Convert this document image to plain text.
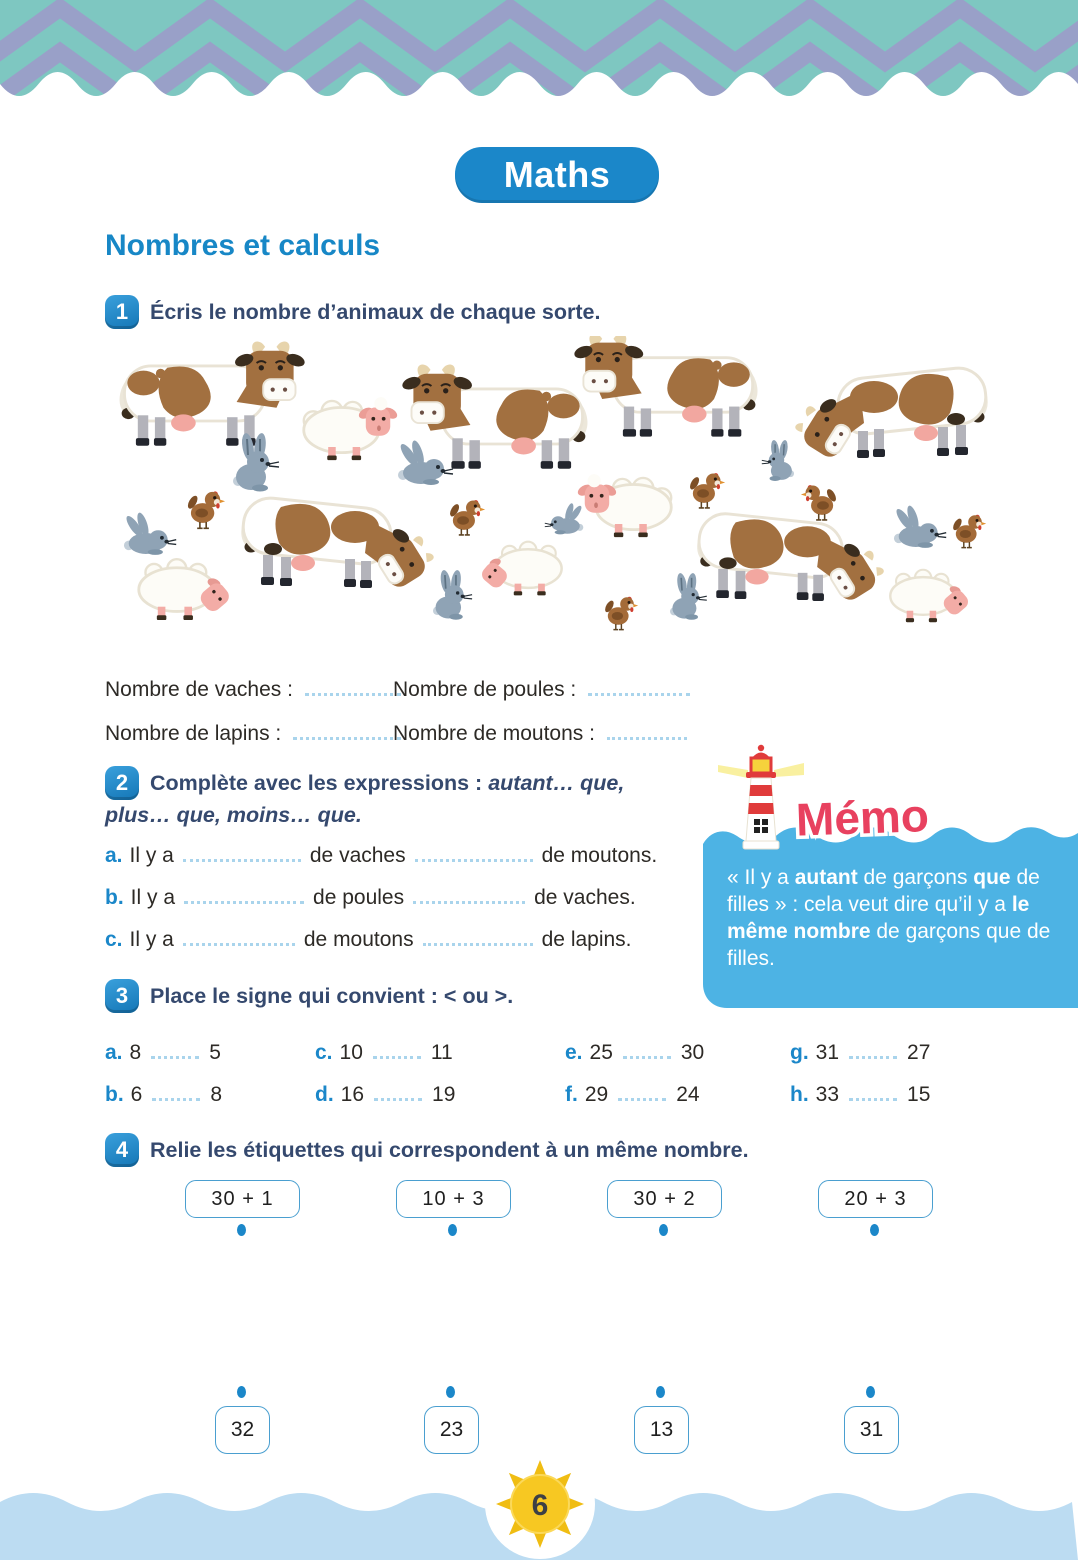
Maths
Nombres et calculs
1 Écris le nombre d’animaux de chaque sorte.
Nombre de vaches :	Nombre de poules :
Nombre de lapins :	Nombre de moutons :
2 Complète avec les expressions : autant… que,
plus… que, moins… que.
a. Il y a	de vaches	de moutons.
b. Il y a	de poules	de vaches.
c. Il y a	de moutons	de lapins.

Mémo
« Il y a autant de garçons que de filles » : cela veut dire qu’il y a le même nombre de garçons que de filles.
3 Place le signe qui convient : < ou >.
a. 8	5	c. 10	11	e. 25	30	g. 31	27
b. 6	8	d. 16	19	f. 29	24	h. 33	15
4 Relie les étiquettes qui correspondent à un même nombre.
30 + 1	10 + 3	30 + 2	20 + 3
32	23	13	31
6
